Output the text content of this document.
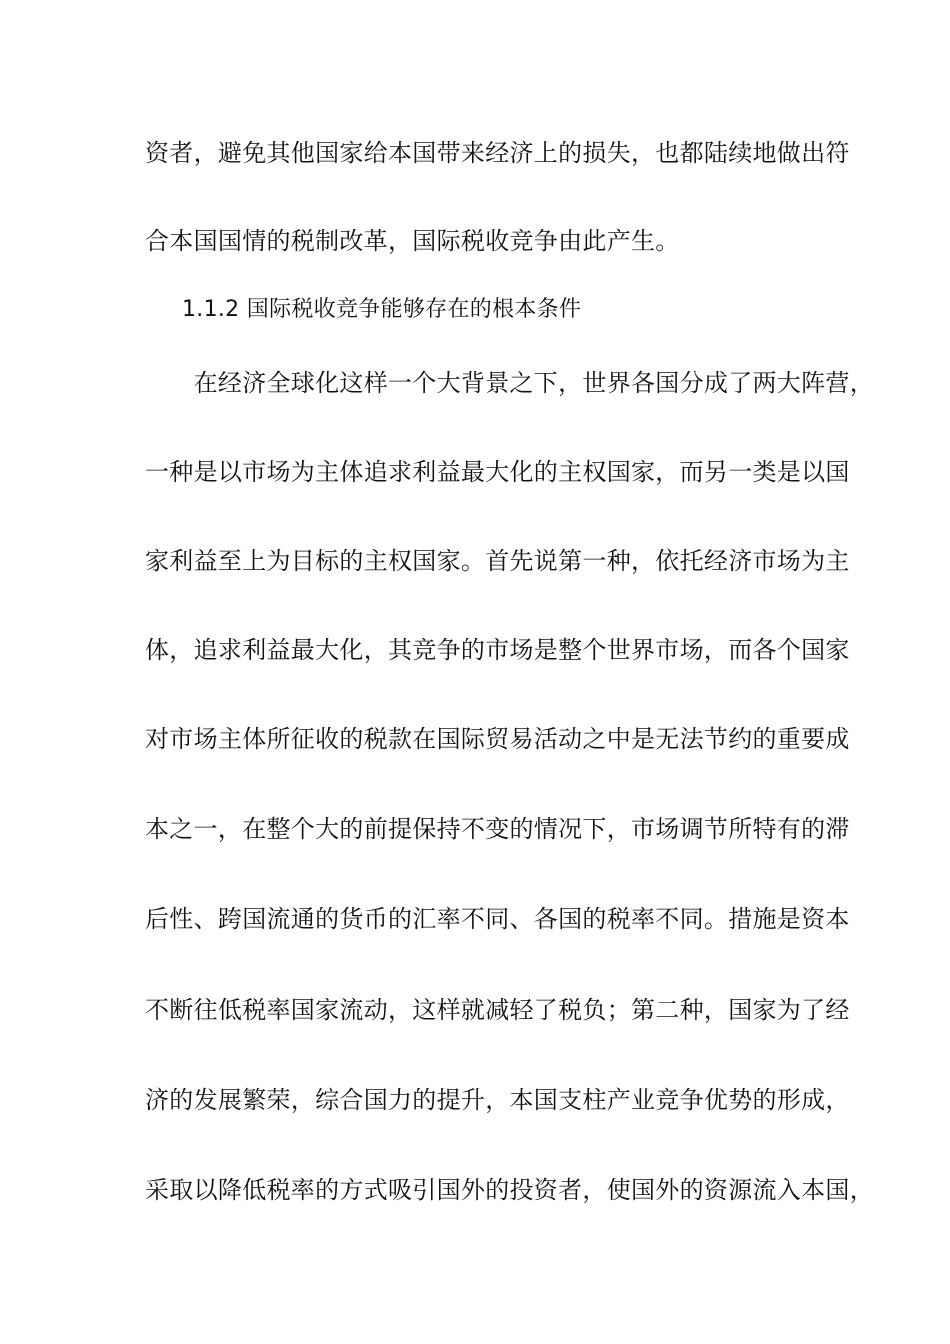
资者，避免其他国家给本国带来经济上的损失，也都陆续地做出符
合本国国情的税制改革，国际税收竞争由此产生。
1.1.2 国际税收竞争能够存在的根本条件
　　在经济全球化这样一个大背景之下，世界各国分成了两大阵营，
一种是以市场为主体追求利益最大化的主权国家，而另一类是以国
家利益至上为目标的主权国家。首先说第一种，依托经济市场为主
体，追求利益最大化，其竞争的市场是整个世界市场，而各个国家
对市场主体所征收的税款在国际贸易活动之中是无法节约的重要成
本之一，在整个大的前提保持不变的情况下，市场调节所特有的滞
后性、跨国流通的货币的汇率不同、各国的税率不同。措施是资本
不断往低税率国家流动，这样就减轻了税负；第二种，国家为了经
济的发展繁荣，综合国力的提升，本国支柱产业竞争优势的形成，
采取以降低税率的方式吸引国外的投资者，使国外的资源流入本国，
